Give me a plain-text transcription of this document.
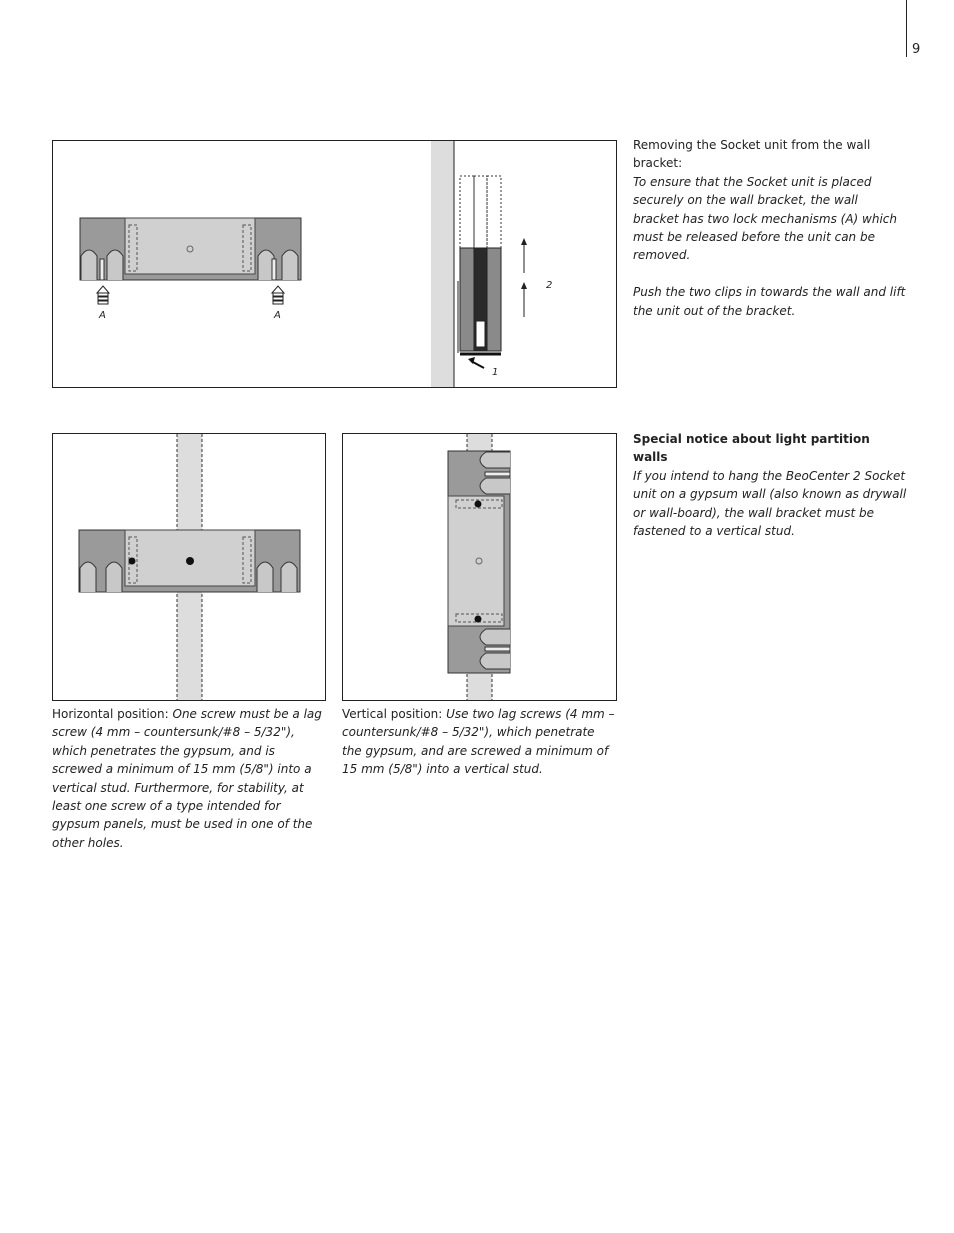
9
A	A
2
1

Removing the Socket unit from the wall bracket:

To ensure that the Socket unit is placed securely on the wall bracket, the wall bracket has two lock mechanisms (A) which must be released before the unit can be removed.

Push the two clips in towards the wall and lift the unit out of the bracket.

Special notice about light partition walls

If you intend to hang the BeoCenter 2 Socket unit on a gypsum wall (also known as drywall or wall-board), the wall bracket must be fastened to a vertical stud.

Horizontal position: One screw must be a lag screw (4 mm – countersunk/#8 – 5/32"), which penetrates the gypsum, and is screwed a minimum of 15 mm (5/8") into a vertical stud. Furthermore, for stability, at least one screw of a type intended for gypsum panels, must be used in one of the other holes.
Vertical position: Use two lag screws (4 mm – countersunk/#8 – 5/32"), which penetrate the gypsum, and are screwed a minimum of 15 mm (5/8") into a vertical stud.
